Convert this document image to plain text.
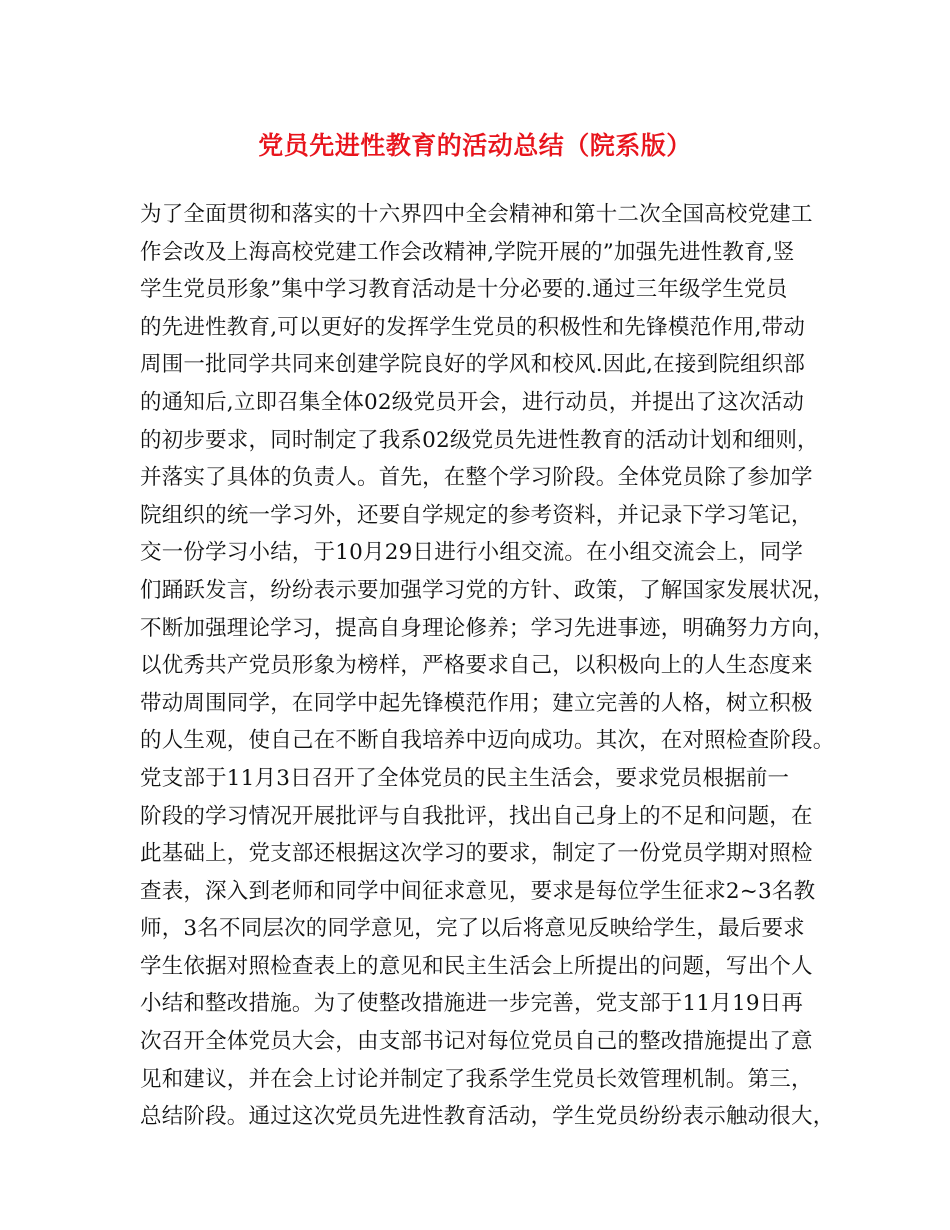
党员先进性教育的活动总结（院系版）
为了全面贯彻和落实的十六界四中全会精神和第十二次全国高校党建工
作会改及上海高校党建工作会改精神,学院开展的”加强先进性教育,竖
学生党员形象”集中学习教育活动是十分必要的.通过三年级学生党员
的先进性教育,可以更好的发挥学生党员的积极性和先锋模范作用,带动
周围一批同学共同来创建学院良好的学风和校风.因此,在接到院组织部
的通知后,立即召集全体02级党员开会，进行动员，并提出了这次活动
的初步要求，同时制定了我系02级党员先进性教育的活动计划和细则，
并落实了具体的负责人。首先，在整个学习阶段。全体党员除了参加学
院组织的统一学习外，还要自学规定的参考资料，并记录下学习笔记，
交一份学习小结，于10月29日进行小组交流。在小组交流会上，同学
们踊跃发言，纷纷表示要加强学习党的方针、政策，了解国家发展状况，
不断加强理论学习，提高自身理论修养；学习先进事迹，明确努力方向，
以优秀共产党员形象为榜样，严格要求自己，以积极向上的人生态度来
带动周围同学，在同学中起先锋模范作用；建立完善的人格，树立积极
的人生观，使自己在不断自我培养中迈向成功。其次，在对照检查阶段。
党支部于11月3日召开了全体党员的民主生活会，要求党员根据前一
阶段的学习情况开展批评与自我批评，找出自己身上的不足和问题，在
此基础上，党支部还根据这次学习的要求，制定了一份党员学期对照检
查表，深入到老师和同学中间征求意见，要求是每位学生征求2~3名教
师，3名不同层次的同学意见，完了以后将意见反映给学生，最后要求
学生依据对照检查表上的意见和民主生活会上所提出的问题，写出个人
小结和整改措施。为了使整改措施进一步完善，党支部于11月19日再
次召开全体党员大会，由支部书记对每位党员自己的整改措施提出了意
见和建议，并在会上讨论并制定了我系学生党员长效管理机制。第三，
总结阶段。通过这次党员先进性教育活动，学生党员纷纷表示触动很大，
